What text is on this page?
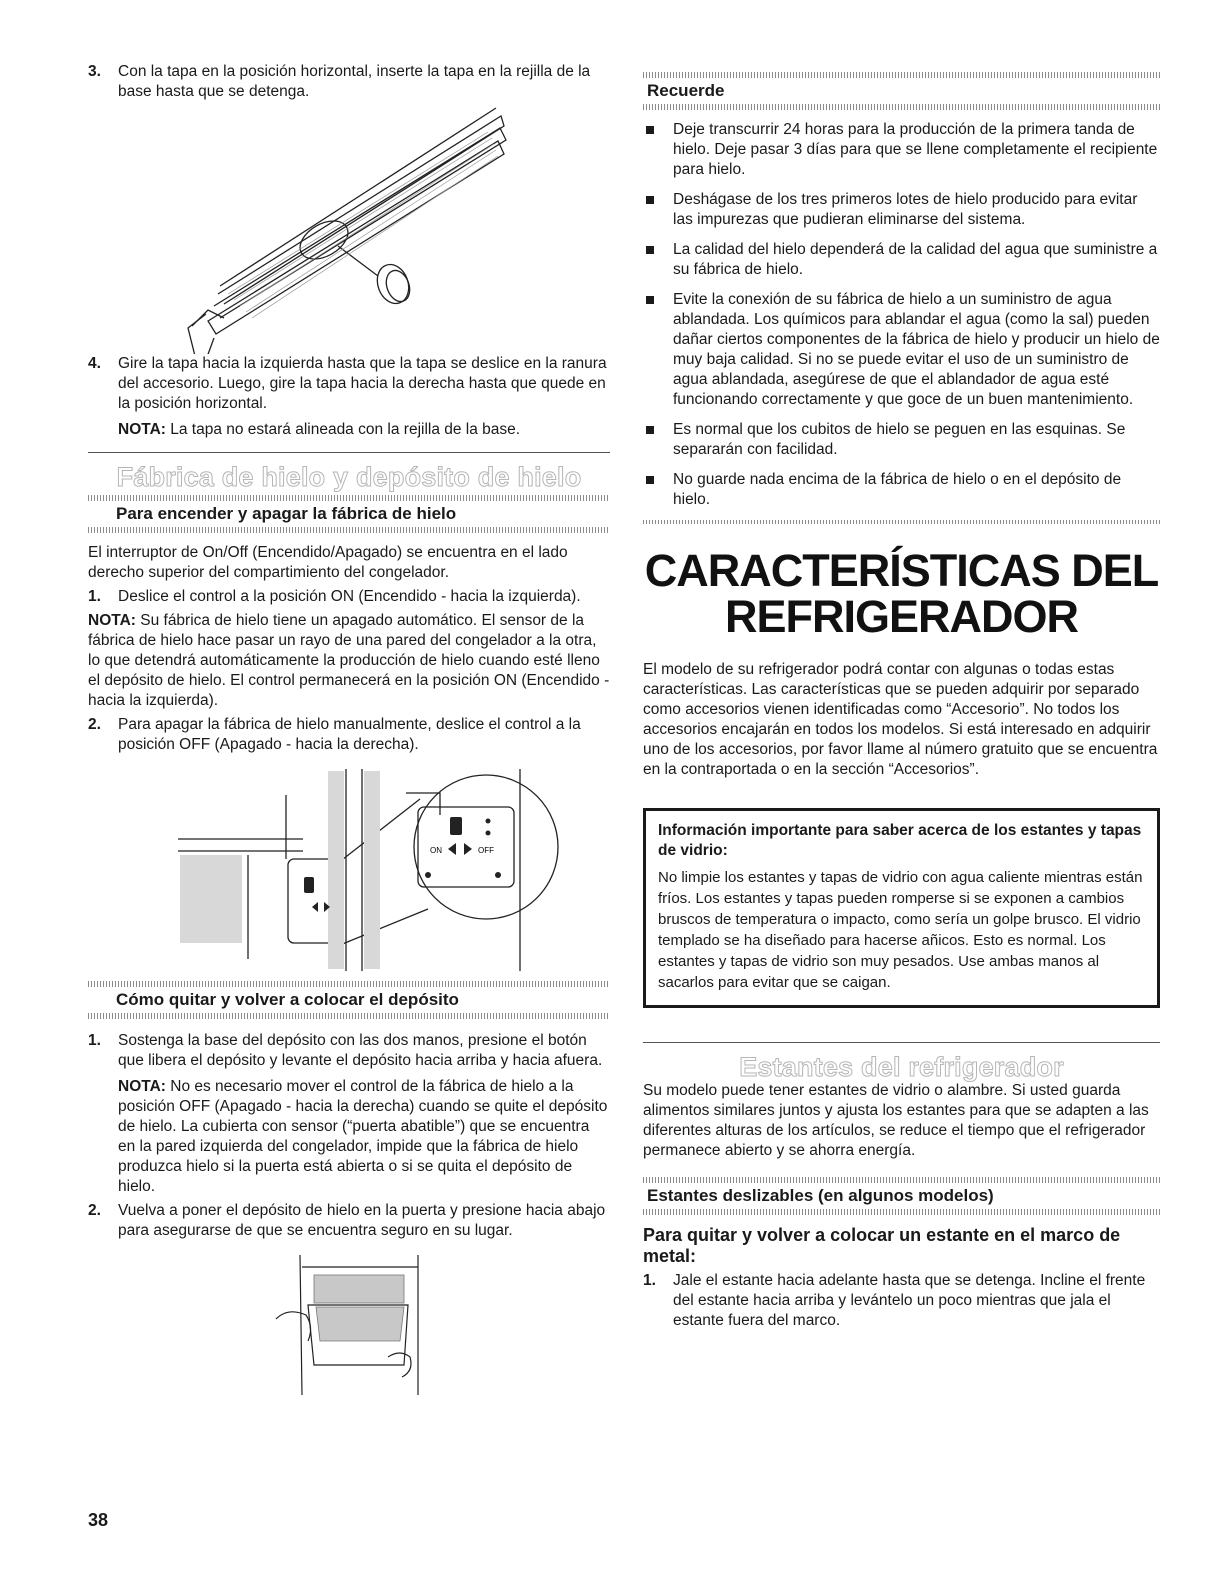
3. Con la tapa en la posición horizontal, inserte la tapa en la rejilla de la base hasta que se detenga.
4. Gire la tapa hacia la izquierda hasta que la tapa se deslice en la ranura del accesorio. Luego, gire la tapa hacia la derecha hasta que quede en la posición horizontal.

NOTA: La tapa no estará alineada con la rejilla de la base.

Fábrica de hielo y depósito de hielo
Para encender y apagar la fábrica de hielo

El interruptor de On/Off (Encendido/Apagado) se encuentra en el lado derecho superior del compartimiento del congelador.

1. Deslice el control a la posición ON (Encendido - hacia la izquierda).

NOTA: Su fábrica de hielo tiene un apagado automático. El sensor de la fábrica de hielo hace pasar un rayo de una pared del congelador a la otra, lo que detendrá automáticamente la producción de hielo cuando esté lleno el depósito de hielo. El control permanecerá en la posición ON (Encendido - hacia la izquierda).

2. Para apagar la fábrica de hielo manualmente, deslice el control a la posición OFF (Apagado - hacia la derecha).
ON	OFF
Cómo quitar y volver a colocar el depósito
1. Sostenga la base del depósito con las dos manos, presione el botón que libera el depósito y levante el depósito hacia arriba y hacia afuera.

NOTA: No es necesario mover el control de la fábrica de hielo a la posición OFF (Apagado - hacia la derecha) cuando se quite el depósito de hielo. La cubierta con sensor (“puerta abatible”) que se encuentra en la pared izquierda del congelador, impide que la fábrica de hielo produzca hielo si la puerta está abierta o si se quita el depósito de hielo.

2. Vuelva a poner el depósito de hielo en la puerta y presione hacia abajo para asegurarse de que se encuentra seguro en su lugar.
Recuerde
Deje transcurrir 24 horas para la producción de la primera tanda de hielo. Deje pasar 3 días para que se llene completamente el recipiente para hielo.
Deshágase de los tres primeros lotes de hielo producido para evitar las impurezas que pudieran eliminarse del sistema.
La calidad del hielo dependerá de la calidad del agua que suministre a su fábrica de hielo.
Evite la conexión de su fábrica de hielo a un suministro de agua ablandada. Los químicos para ablandar el agua (como la sal) pueden dañar ciertos componentes de la fábrica de hielo y producir un hielo de muy baja calidad. Si no se puede evitar el uso de un suministro de agua ablandada, asegúrese de que el ablandador de agua esté funcionando correctamente y que goce de un buen mantenimiento.
Es normal que los cubitos de hielo se peguen en las esquinas. Se separarán con facilidad.
No guarde nada encima de la fábrica de hielo o en el depósito de hielo.
CARACTERÍSTICAS DEL
REFRIGERADOR

El modelo de su refrigerador podrá contar con algunas o todas estas características. Las características que se pueden adquirir por separado como accesorios vienen identificadas como “Accesorio”. No todos los accesorios encajarán en todos los modelos. Si está interesado en adquirir uno de los accesorios, por favor llame al número gratuito que se encuentra en la contraportada o en la sección “Accesorios”.

Información importante para saber acerca de los estantes y tapas de vidrio:
No limpie los estantes y tapas de vidrio con agua caliente mientras están fríos. Los estantes y tapas pueden romperse si se exponen a cambios bruscos de temperatura o impacto, como sería un golpe brusco. El vidrio templado se ha diseñado para hacerse añicos. Esto es normal. Los estantes y tapas de vidrio son muy pesados. Use ambas manos al sacarlos para evitar que se caigan.
Estantes del refrigerador

Su modelo puede tener estantes de vidrio o alambre. Si usted guarda alimentos similares juntos y ajusta los estantes para que se adapten a las diferentes alturas de los artículos, se reduce el tiempo que el refrigerador permanece abierto y se ahorra energía.

Estantes deslizables (en algunos modelos)
Para quitar y volver a colocar un estante en el marco de metal:
1. Jale el estante hacia adelante hasta que se detenga. Incline el frente del estante hacia arriba y levántelo un poco mientras que jala el estante fuera del marco.
38
